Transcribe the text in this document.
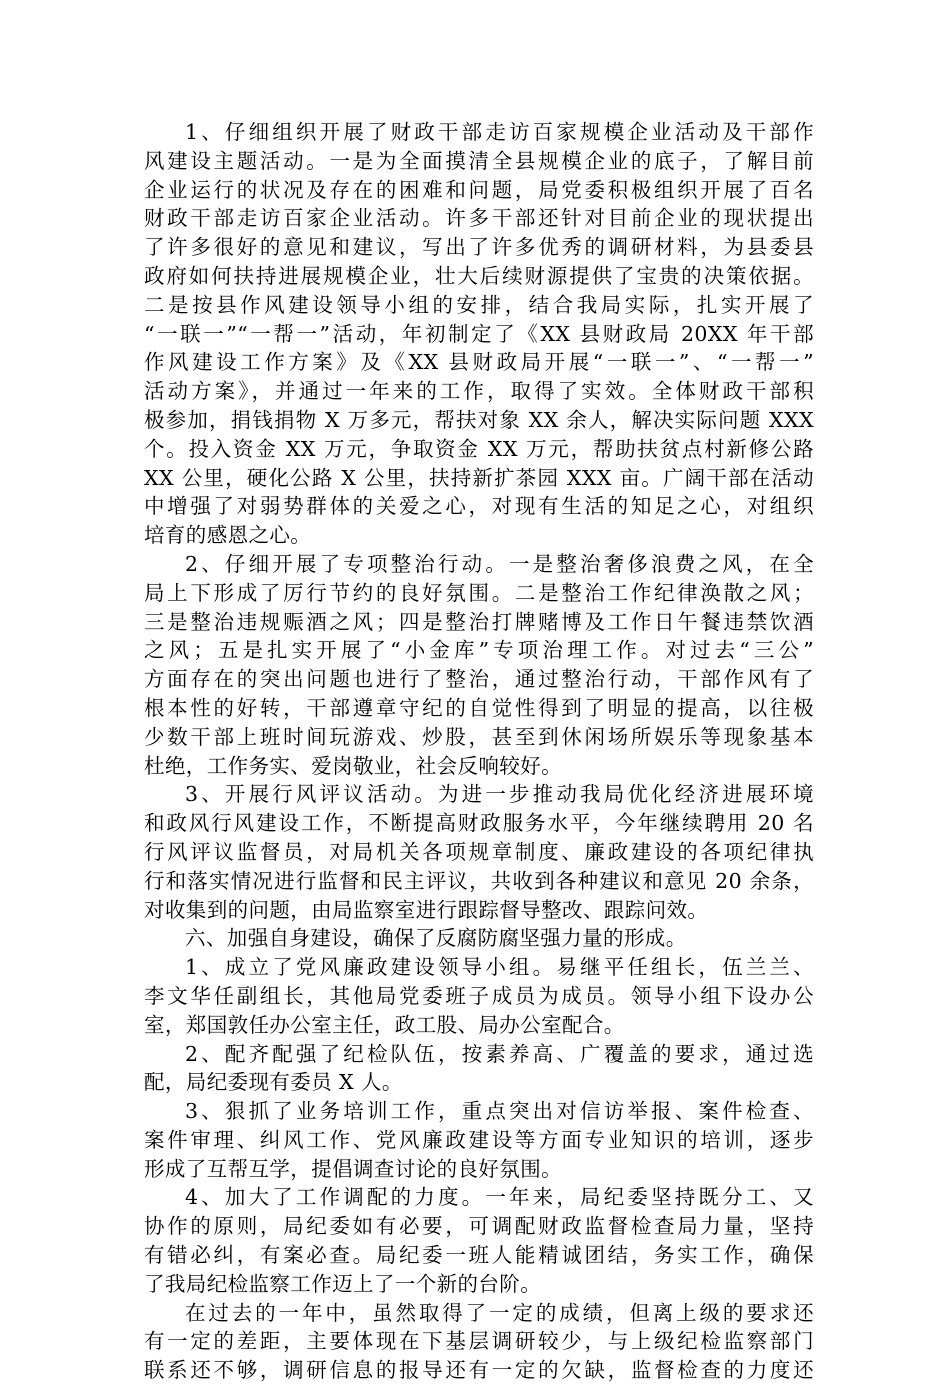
1、仔细组织开展了财政干部走访百家规模企业活动及干部作
风建设主题活动。一是为全面摸清全县规模企业的底子，了解目前
企业运行的状况及存在的困难和问题，局党委积极组织开展了百名
财政干部走访百家企业活动。许多干部还针对目前企业的现状提出
了许多很好的意见和建议，写出了许多优秀的调研材料，为县委县
政府如何扶持进展规模企业，壮大后续财源提供了宝贵的决策依据。
二是按县作风建设领导小组的安排，结合我局实际，扎实开展了
“一联一”“一帮一”活动，年初制定了《XX 县财政局 20XX 年干部
作风建设工作方案》及《XX 县财政局开展“一联一”、“一帮一”
活动方案》，并通过一年来的工作，取得了实效。全体财政干部积
极参加，捐钱捐物 X 万多元，帮扶对象 XX 余人，解决实际问题 XXX
个。投入资金 XX 万元，争取资金 XX 万元，帮助扶贫点村新修公路
XX 公里，硬化公路 X 公里，扶持新扩茶园 XXX 亩。广阔干部在活动
中增强了对弱势群体的关爱之心，对现有生活的知足之心，对组织
培育的感恩之心。
2、仔细开展了专项整治行动。一是整治奢侈浪费之风，在全
局上下形成了厉行节约的良好氛围。二是整治工作纪律涣散之风；
三是整治违规赈酒之风；四是整治打牌赌博及工作日午餐违禁饮酒
之风；五是扎实开展了“小金库”专项治理工作。对过去“三公”
方面存在的突出问题也进行了整治，通过整治行动，干部作风有了
根本性的好转，干部遵章守纪的自觉性得到了明显的提高，以往极
少数干部上班时间玩游戏、炒股，甚至到休闲场所娱乐等现象基本
杜绝，工作务实、爱岗敬业，社会反响较好。
3、开展行风评议活动。为进一步推动我局优化经济进展环境
和政风行风建设工作，不断提高财政服务水平，今年继续聘用 20 名
行风评议监督员，对局机关各项规章制度、廉政建设的各项纪律执
行和落实情况进行监督和民主评议，共收到各种建议和意见 20 余条，
对收集到的问题，由局监察室进行跟踪督导整改、跟踪问效。
六、加强自身建设，确保了反腐防腐坚强力量的形成。
1、成立了党风廉政建设领导小组。易继平任组长，伍兰兰、
李文华任副组长，其他局党委班子成员为成员。领导小组下设办公
室，郑国敦任办公室主任，政工股、局办公室配合。
2、配齐配强了纪检队伍，按素养高、广覆盖的要求，通过选
配，局纪委现有委员 X 人。
3、狠抓了业务培训工作，重点突出对信访举报、案件检查、
案件审理、纠风工作、党风廉政建设等方面专业知识的培训，逐步
形成了互帮互学，提倡调查讨论的良好氛围。
4、加大了工作调配的力度。一年来，局纪委坚持既分工、又
协作的原则，局纪委如有必要，可调配财政监督检查局力量，坚持
有错必纠，有案必查。局纪委一班人能精诚团结，务实工作，确保
了我局纪检监察工作迈上了一个新的台阶。
在过去的一年中，虽然取得了一定的成绩，但离上级的要求还
有一定的差距，主要体现在下基层调研较少，与上级纪检监察部门
联系还不够，调研信息的报导还有一定的欠缺，监督检查的力度还
